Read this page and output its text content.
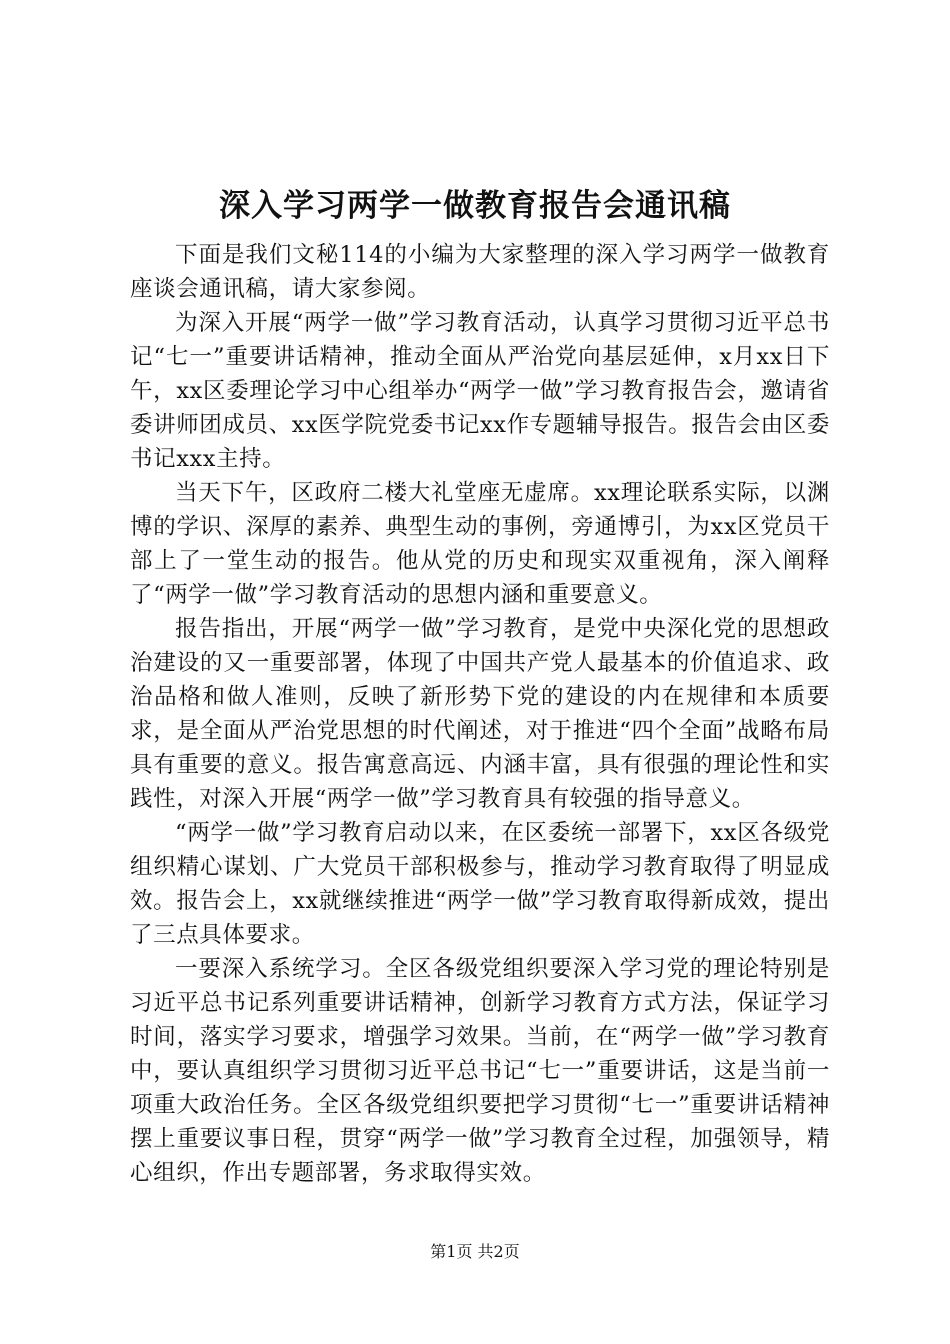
深入学习两学一做教育报告会通讯稿

下面是我们文秘114的小编为大家整理的深入学习两学一做教育座谈会通讯稿，请大家参阅。

为深入开展“两学一做”学习教育活动，认真学习贯彻习近平总书记“七一”重要讲话精神，推动全面从严治党向基层延伸，x月xx日下午，xx区委理论学习中心组举办“两学一做”学习教育报告会，邀请省委讲师团成员、xx医学院党委书记xx作专题辅导报告。报告会由区委书记xxx主持。

当天下午，区政府二楼大礼堂座无虚席。xx理论联系实际，以渊博的学识、深厚的素养、典型生动的事例，旁通博引，为xx区党员干部上了一堂生动的报告。他从党的历史和现实双重视角，深入阐释了“两学一做”学习教育活动的思想内涵和重要意义。

报告指出，开展“两学一做”学习教育，是党中央深化党的思想政治建设的又一重要部署，体现了中国共产党人最基本的价值追求、政治品格和做人准则，反映了新形势下党的建设的内在规律和本质要求，是全面从严治党思想的时代阐述，对于推进“四个全面”战略布局具有重要的意义。报告寓意高远、内涵丰富，具有很强的理论性和实践性，对深入开展“两学一做”学习教育具有较强的指导意义。

“两学一做”学习教育启动以来，在区委统一部署下，xx区各级党组织精心谋划、广大党员干部积极参与，推动学习教育取得了明显成效。报告会上，xx就继续推进“两学一做”学习教育取得新成效，提出了三点具体要求。

一要深入系统学习。全区各级党组织要深入学习党的理论特别是习近平总书记系列重要讲话精神，创新学习教育方式方法，保证学习时间，落实学习要求，增强学习效果。当前，在“两学一做”学习教育中，要认真组织学习贯彻习近平总书记“七一”重要讲话，这是当前一项重大政治任务。全区各级党组织要把学习贯彻“七一”重要讲话精神摆上重要议事日程，贯穿“两学一做”学习教育全过程，加强领导，精心组织，作出专题部署，务求取得实效。

第1页 共2页
